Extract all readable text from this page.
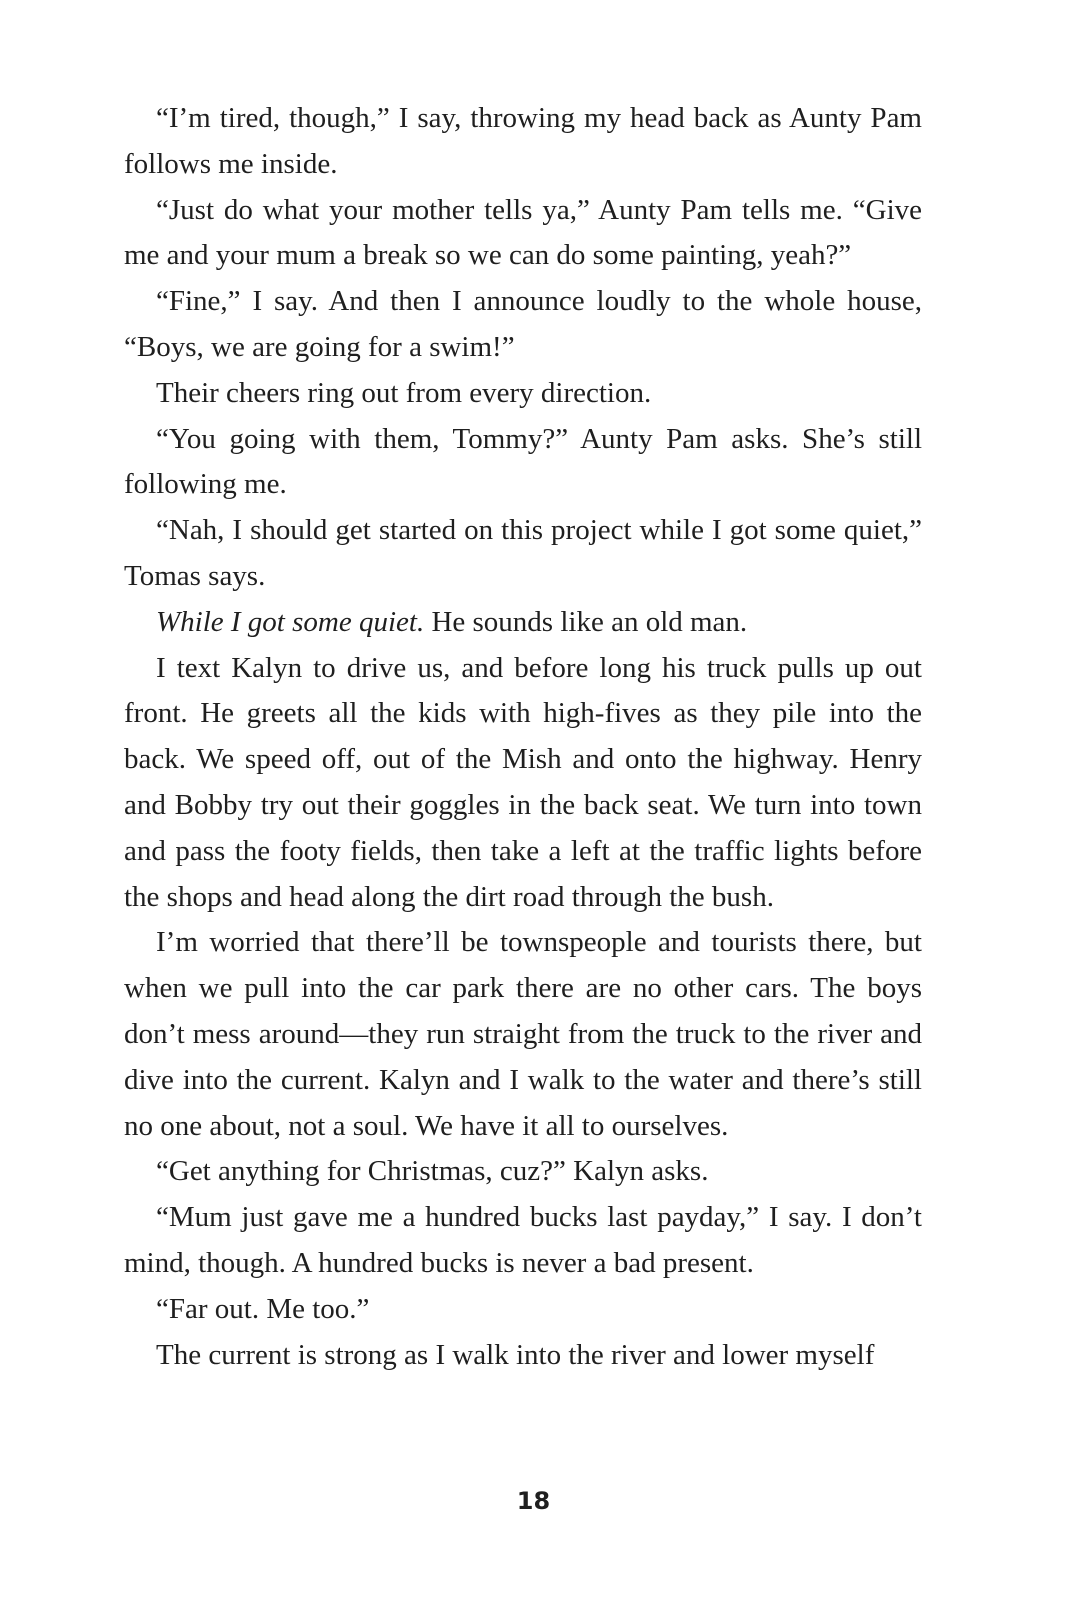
“I’m tired, though,” I say, throwing my head back as Aunty Pam follows me inside.

“Just do what your mother tells ya,” Aunty Pam tells me. “Give me and your mum a break so we can do some painting, yeah?”

“Fine,” I say. And then I announce loudly to the whole house, “Boys, we are going for a swim!”

Their cheers ring out from every direction.

“You going with them, Tommy?” Aunty Pam asks. She’s still following me.

“Nah, I should get started on this project while I got some quiet,” Tomas says.

While I got some quiet. He sounds like an old man.

I text Kalyn to drive us, and before long his truck pulls up out front. He greets all the kids with high-fives as they pile into the back. We speed off, out of the Mish and onto the highway. Henry and Bobby try out their goggles in the back seat. We turn into town and pass the footy fields, then take a left at the traffic lights before the shops and head along the dirt road through the bush.

I’m worried that there’ll be townspeople and tourists there, but when we pull into the car park there are no other cars. The boys don’t mess around—they run straight from the truck to the river and dive into the current. Kalyn and I walk to the water and there’s still no one about, not a soul. We have it all to ourselves.

“Get anything for Christmas, cuz?” Kalyn asks.

“Mum just gave me a hundred bucks last payday,” I say. I don’t mind, though. A hundred bucks is never a bad present.

“Far out. Me too.”

The current is strong as I walk into the river and lower myself

18
